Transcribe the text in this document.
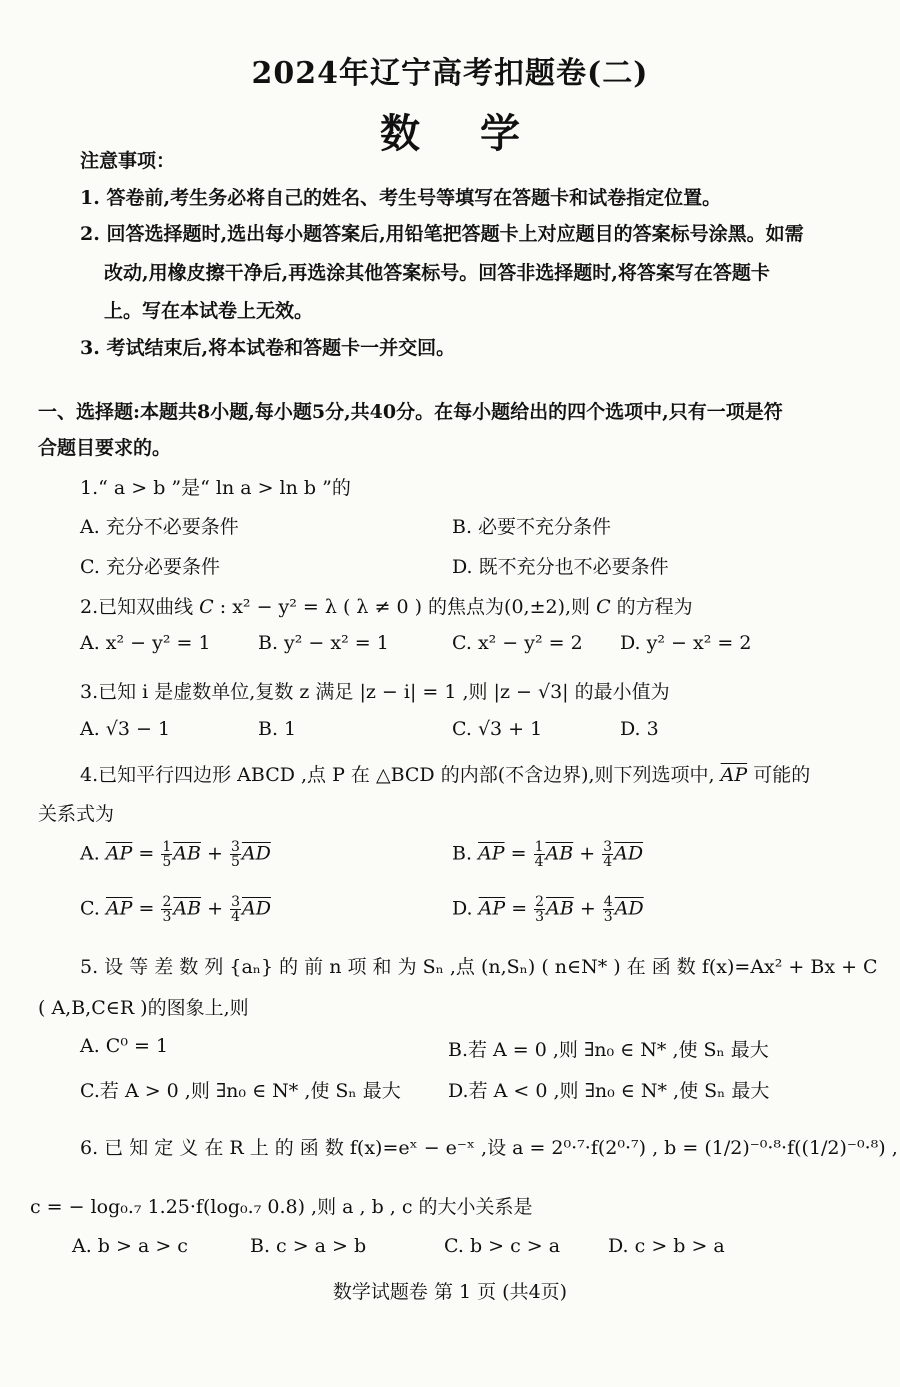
2024年辽宁高考扣题卷(二)
数学
注意事项：
1. 答卷前,考生务必将自己的姓名、考生号等填写在答题卡和试卷指定位置。
2. 回答选择题时,选出每小题答案后,用铅笔把答题卡上对应题目的答案标号涂黑。如需
改动,用橡皮擦干净后,再选涂其他答案标号。回答非选择题时,将答案写在答题卡
上。写在本试卷上无效。
3. 考试结束后,将本试卷和答题卡一并交回。
一、选择题:本题共8小题,每小题5分,共40分。在每小题给出的四个选项中,只有一项是符
合题目要求的。
1.“ a > b ”是“ ln a > ln b ”的
A. 充分不必要条件	B. 必要不充分条件
C. 充分必要条件	D. 既不充分也不必要条件
2.已知双曲线 C : x² − y² = λ ( λ ≠ 0 ) 的焦点为(0,±2),则 C 的方程为
A. x² − y² = 1 B. y² − x² = 1	C. x² − y² = 2 D. y² − x² = 2
3.已知 i 是虚数单位,复数 z 满足 |z − i| = 1 ,则 |z − √3| 的最小值为
A. √3 − 1	B. 1	C. √3 + 1	D. 3
4.已知平行四边形 ABCD ,点 P 在 △BCD 的内部(不含边界),则下列选项中, $\overline{AP}$ 可能的
关系式为
A. $\overline{AP} = \frac{1}{5} \overline{AB} + \frac{3}{5} \overline{AD}$	B. $\overline{AP} = \frac{1}{4} \overline{AB} + \frac{3}{4} \overline{AD}$
C. $\overline{AP} = \frac{2}{3} \overline{AB} + \frac{3}{4} \overline{AD}$	D. $\overline{AP} = \frac{2}{3} \overline{AB} + \frac{4}{3} \overline{AD}$
5. 设 等 差 数 列 {aₙ} 的 前 n 项 和 为 Sₙ ,点 (n,Sₙ) ( n∈N* ) 在 函 数 f(x)=Ax² + Bx + C
( A,B,C∈R )的图象上,则
A. C⁰ = 1	B.若 A = 0 ,则 ∃n₀ ∈ N* ,使 Sₙ 最大
C.若 A > 0 ,则 ∃n₀ ∈ N* ,使 Sₙ 最大 D.若 A < 0 ,则 ∃n₀ ∈ N* ,使 Sₙ 最大
6. 已 知 定 义 在 R 上 的 函 数 f(x)=eˣ − e⁻ˣ ,设 a = 2⁰·⁷·f(2⁰·⁷) , b = (1/2)⁻⁰·⁸·f((1/2)⁻⁰·⁸) ,
c = − log₀.₇ 1.25·f(log₀.₇ 0.8) ,则 a , b , c 的大小关系是
A. b > a > c	B. c > a > b	C. b > c > a	D. c > b > a
数学试题卷 第 1 页 (共4页)
